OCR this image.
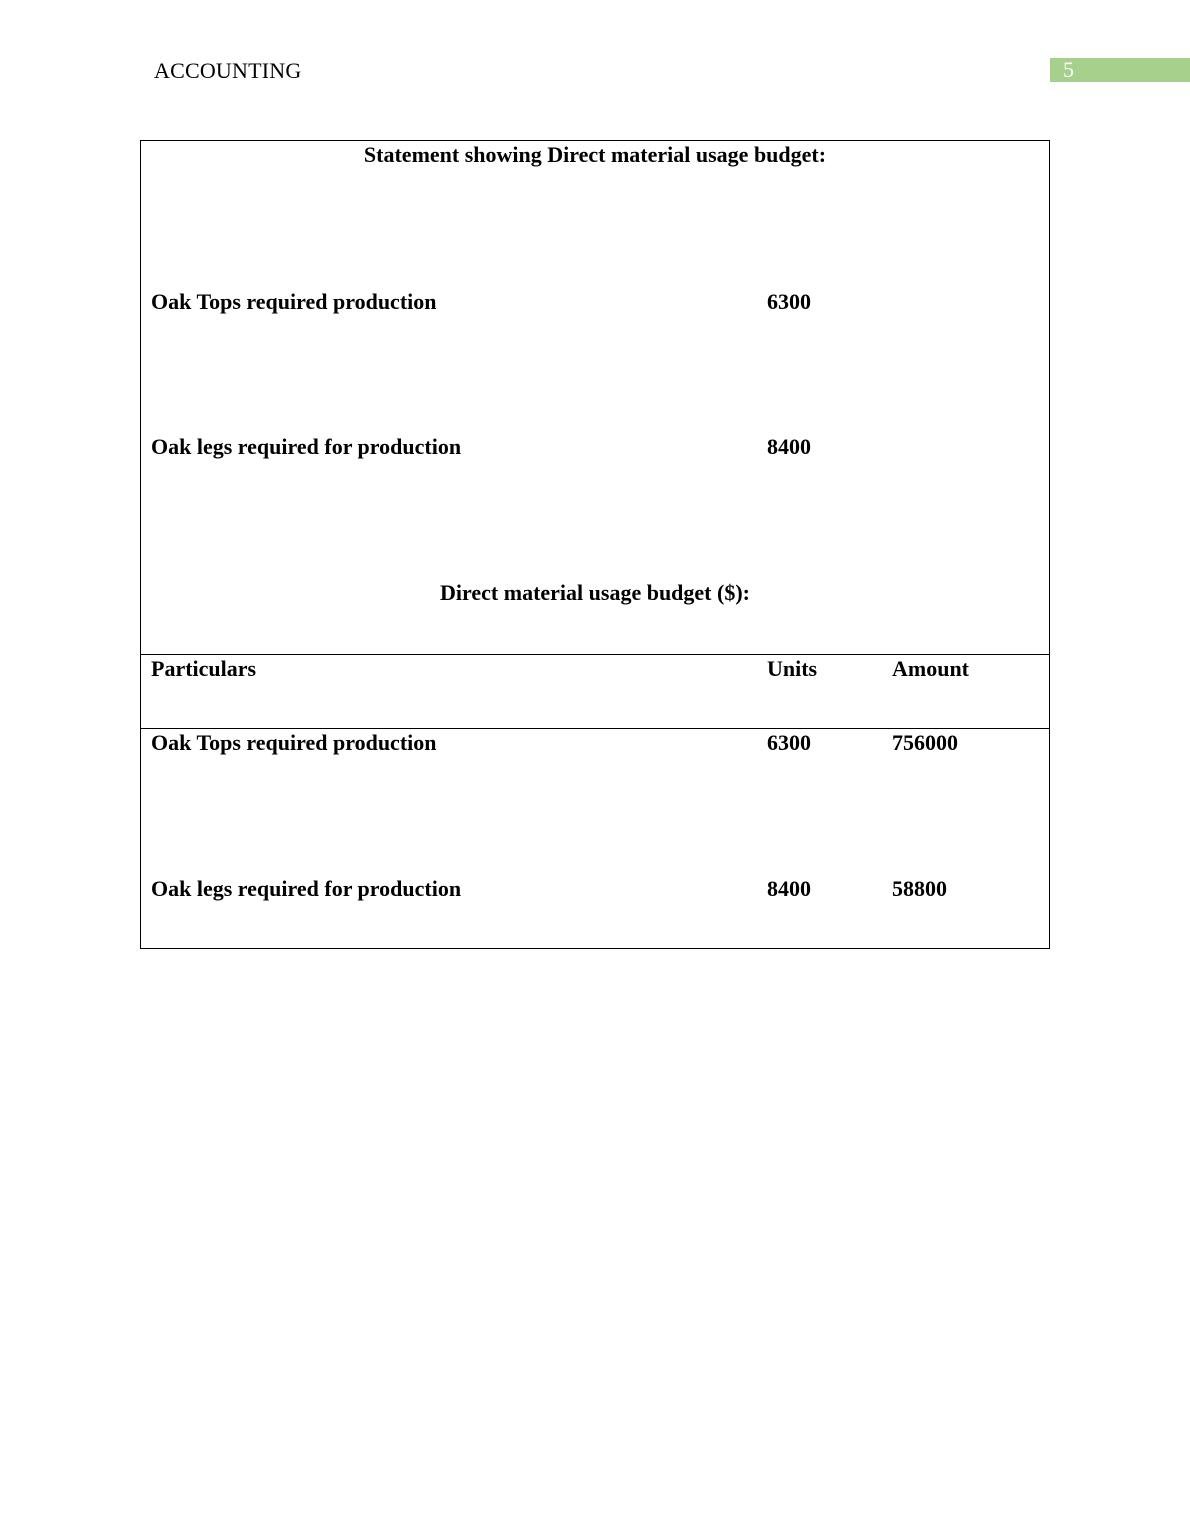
ACCOUNTING	5
Statement showing Direct material usage budget:
Oak Tops required production	6300
Oak legs required for production	8400
Direct material usage budget ($):
Particulars	Units	Amount
Oak Tops required production	6300	756000
Oak legs required for production	8400	58800
